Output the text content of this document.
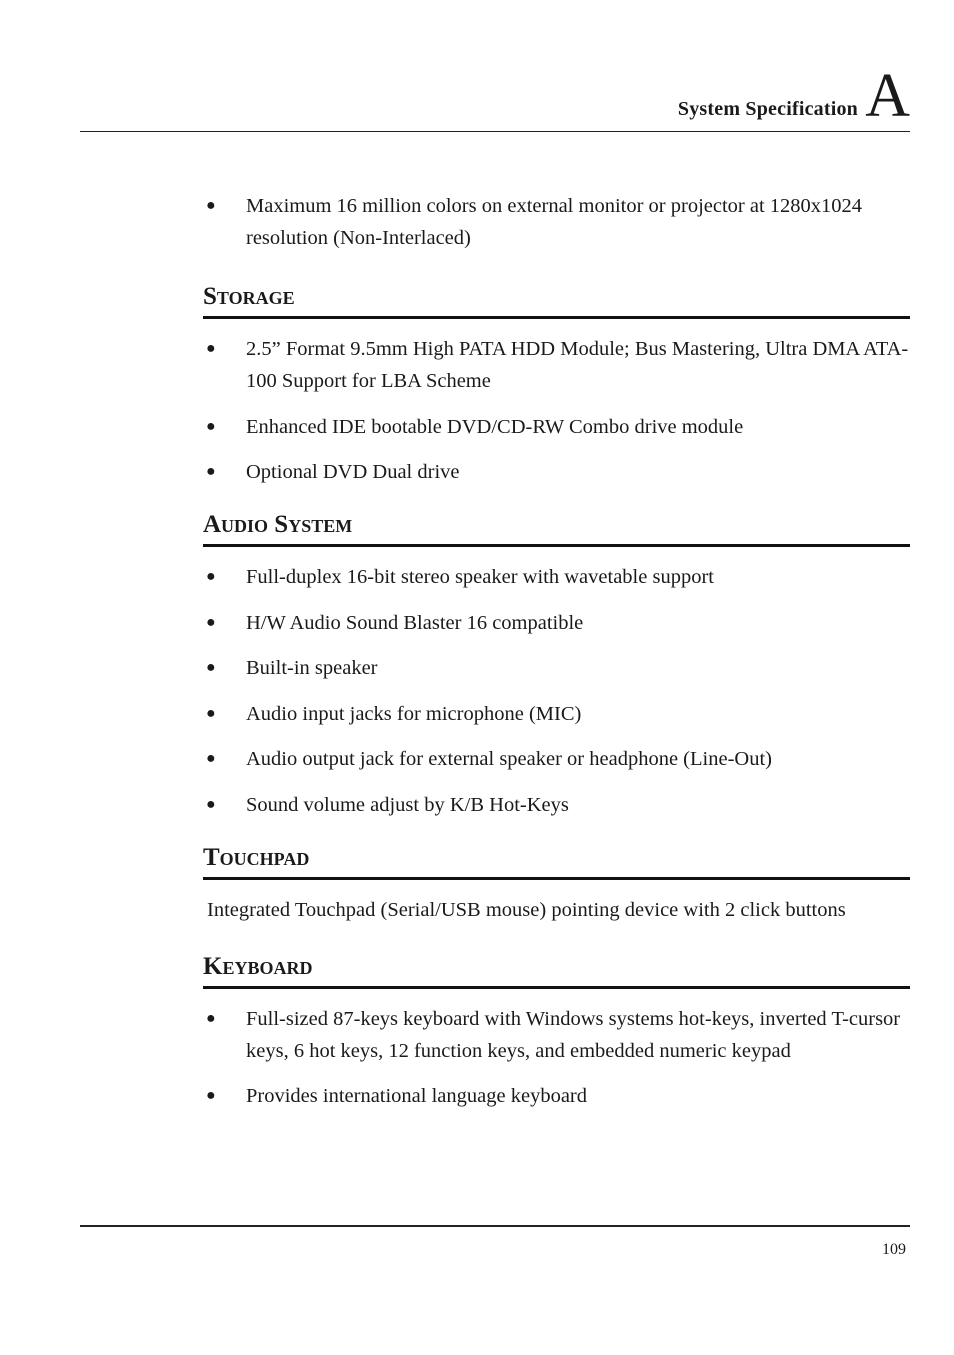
System Specification A
● Maximum 16 million colors on external monitor or projector at 1280x1024 resolution (Non-Interlaced)
Storage
● 2.5” Format 9.5mm High PATA HDD Module; Bus Mastering, Ultra DMA ATA-100 Support for LBA Scheme
● Enhanced IDE bootable DVD/CD-RW Combo drive module
● Optional DVD Dual drive
Audio System
● Full-duplex 16-bit stereo speaker with wavetable support
● H/W Audio Sound Blaster 16 compatible
● Built-in speaker
● Audio input jacks for microphone (MIC)
● Audio output jack for external speaker or headphone (Line-Out)
● Sound volume adjust by K/B Hot-Keys
Touchpad

Integrated Touchpad (Serial/USB mouse) pointing device with 2 click buttons

Keyboard
● Full-sized 87-keys keyboard with Windows systems hot-keys, inverted T-cursor keys, 6 hot keys, 12 function keys, and embedded numeric keypad
● Provides international language keyboard
109
